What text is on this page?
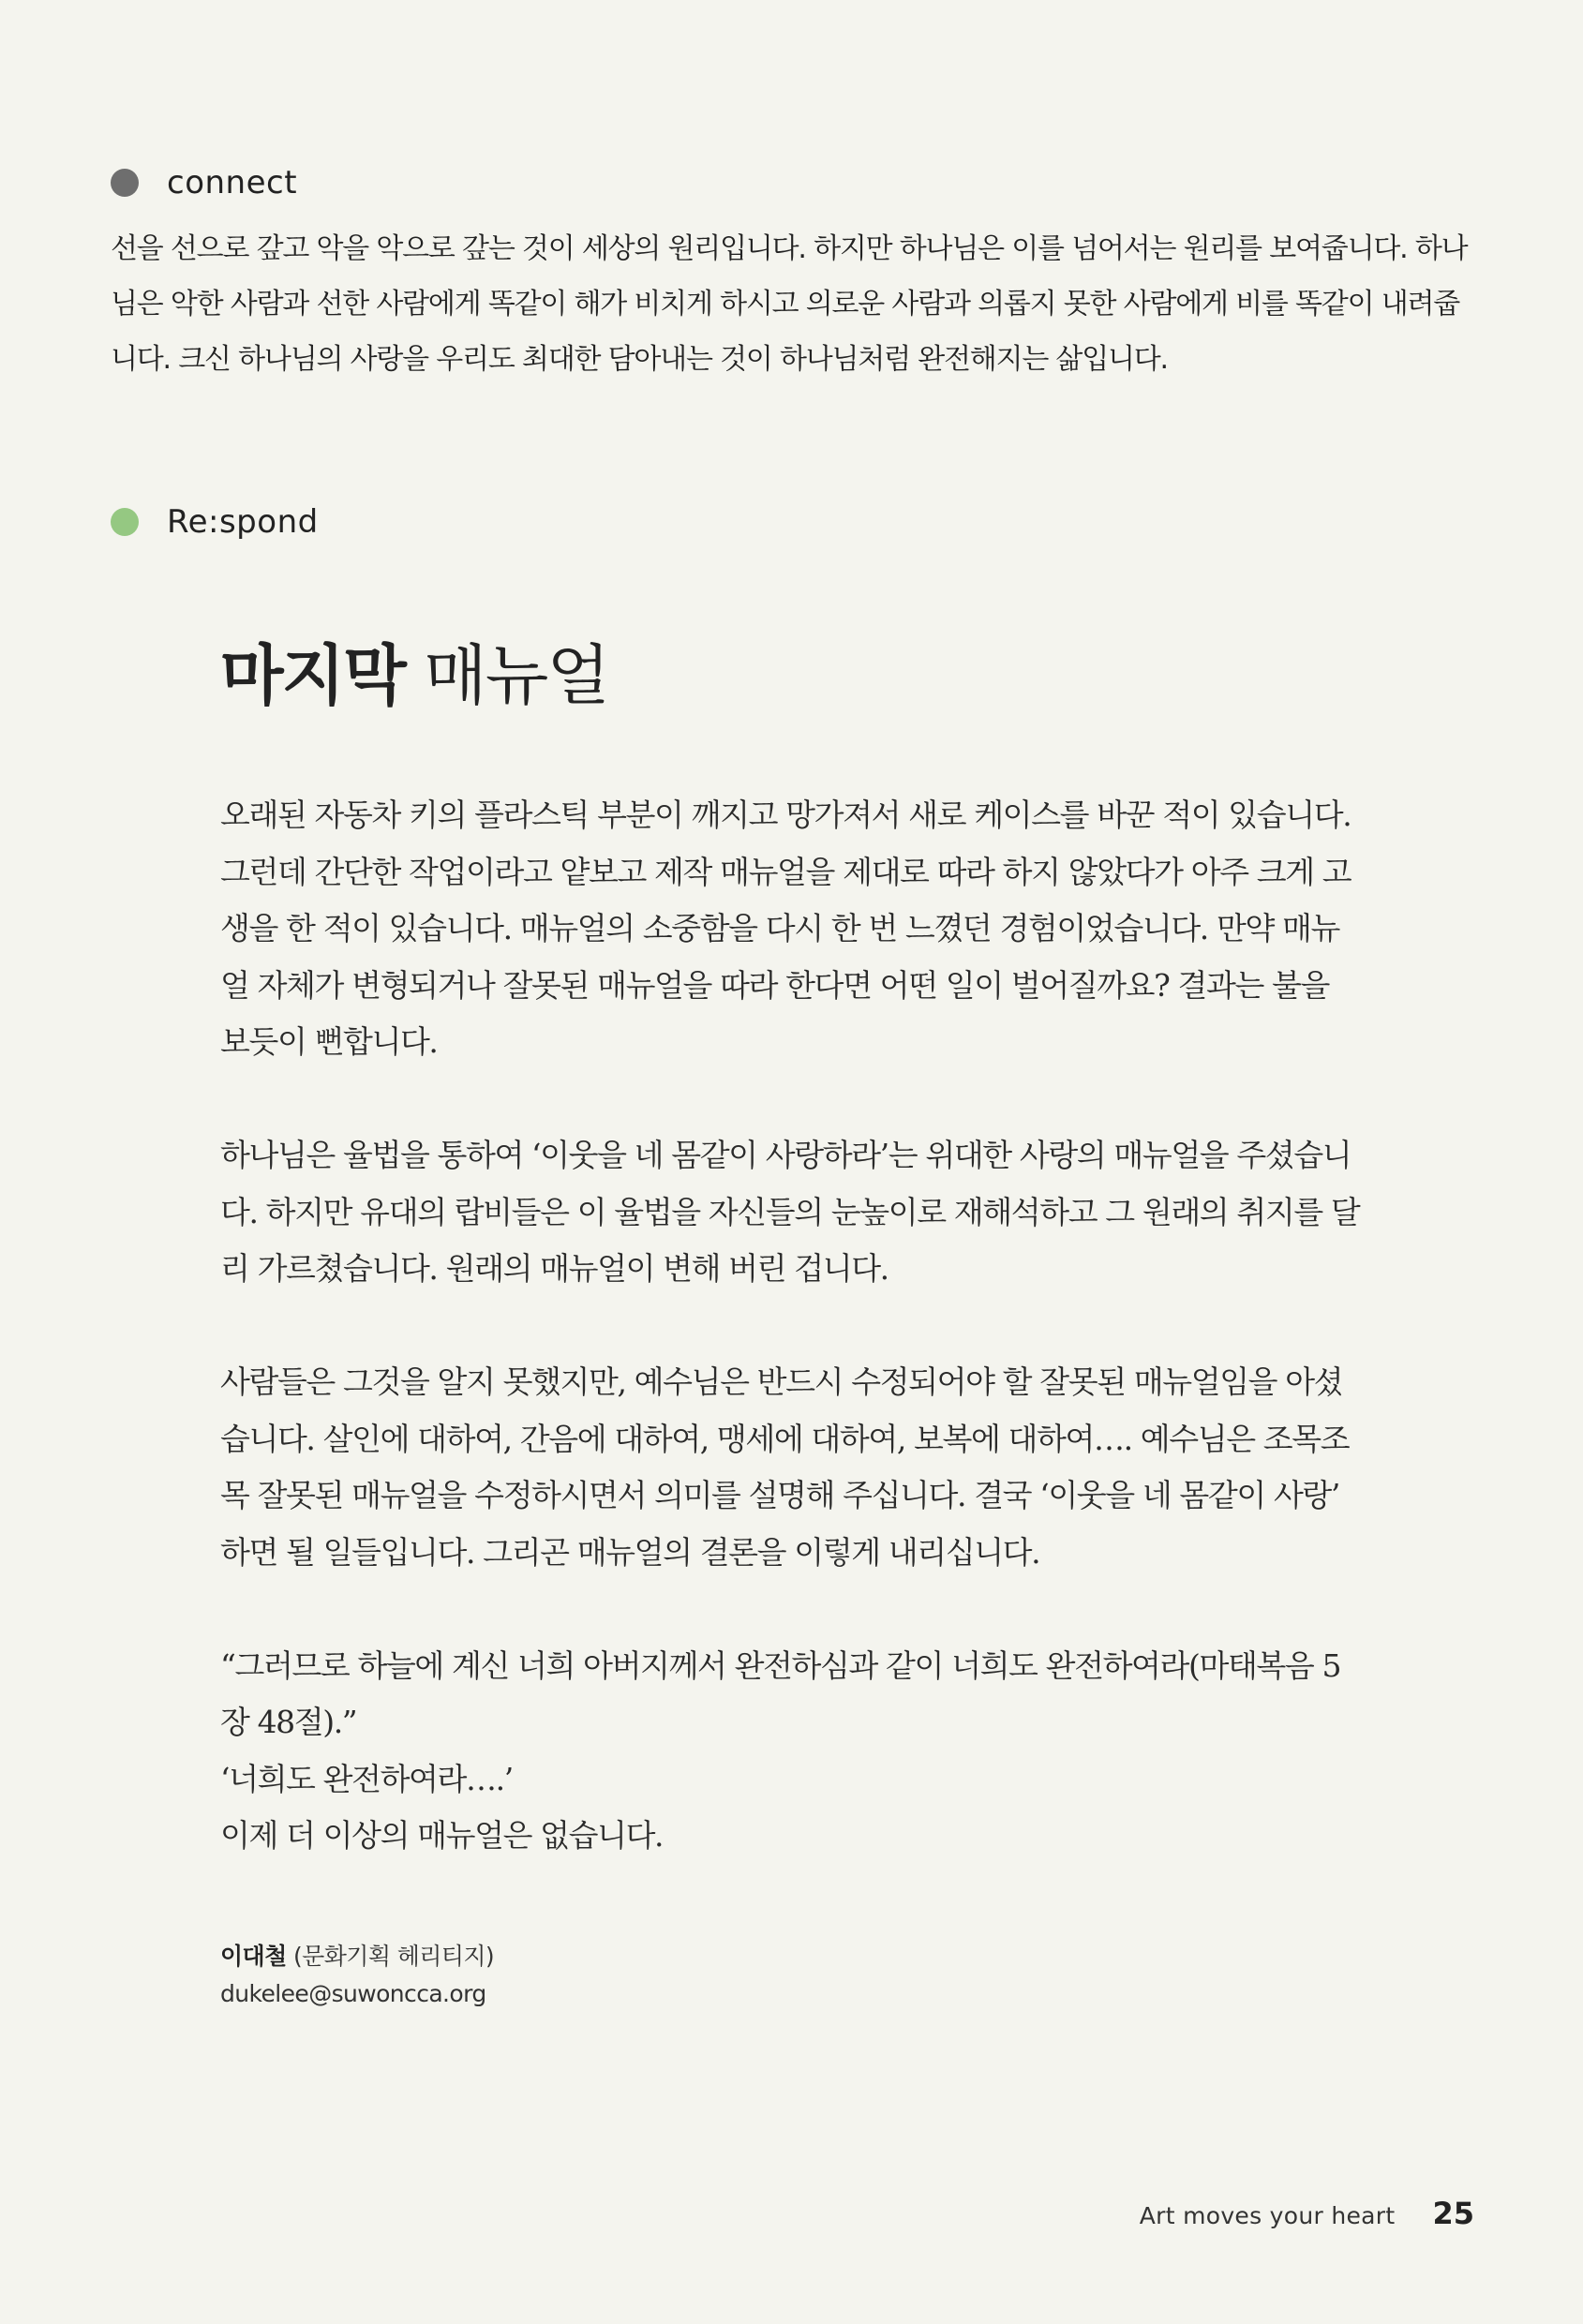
connect

선을 선으로 갚고 악을 악으로 갚는 것이 세상의 원리입니다. 하지만 하나님은 이를 넘어서는 원리를 보여줍니다. 하나님은 악한 사람과 선한 사람에게 똑같이 해가 비치게 하시고 의로운 사람과 의롭지 못한 사람에게 비를 똑같이 내려줍니다. 크신 하나님의 사랑을 우리도 최대한 담아내는 것이 하나님처럼 완전해지는 삶입니다.

Re:spond
마지막 매뉴얼

오래된 자동차 키의 플라스틱 부분이 깨지고 망가져서 새로 케이스를 바꾼 적이 있습니다. 그런데 간단한 작업이라고 얕보고 제작 매뉴얼을 제대로 따라 하지 않았다가 아주 크게 고생을 한 적이 있습니다. 매뉴얼의 소중함을 다시 한 번 느꼈던 경험이었습니다. 만약 매뉴얼 자체가 변형되거나 잘못된 매뉴얼을 따라 한다면 어떤 일이 벌어질까요? 결과는 불을 보듯이 뻔합니다.

하나님은 율법을 통하여 ‘이웃을 네 몸같이 사랑하라’는 위대한 사랑의 매뉴얼을 주셨습니다. 하지만 유대의 랍비들은 이 율법을 자신들의 눈높이로 재해석하고 그 원래의 취지를 달리 가르쳤습니다. 원래의 매뉴얼이 변해 버린 겁니다.

사람들은 그것을 알지 못했지만, 예수님은 반드시 수정되어야 할 잘못된 매뉴얼임을 아셨습니다. 살인에 대하여, 간음에 대하여, 맹세에 대하여, 보복에 대하여…. 예수님은 조목조목 잘못된 매뉴얼을 수정하시면서 의미를 설명해 주십니다. 결국 ‘이웃을 네 몸같이 사랑’ 하면 될 일들입니다. 그리곤 매뉴얼의 결론을 이렇게 내리십니다.

“그러므로 하늘에 계신 너희 아버지께서 완전하심과 같이 너희도 완전하여라(마태복음 5장 48절).”
‘너희도 완전하여라….’
이제 더 이상의 매뉴얼은 없습니다.
이대철 (문화기획 헤리티지)
dukelee@suwoncca.org
Art moves your heart 25
